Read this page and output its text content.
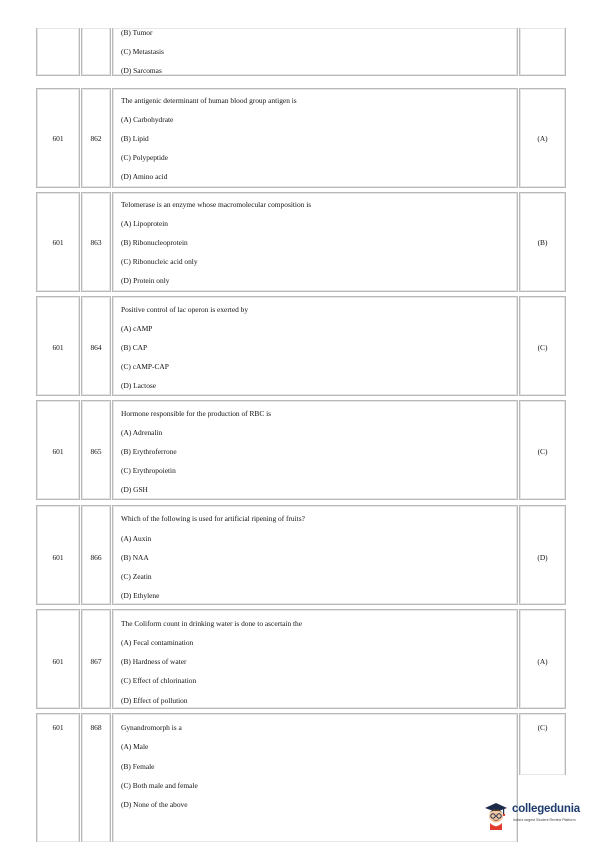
(B) Tumor
(C) Metastasis
(D) Sarcomas
601	862
The antigenic determinant of human blood group antigen is
(A) Carbohydrate
(B) Lipid
(C) Polypeptide
(D) Amino acid
(A)
601	863
Telomerase is an enzyme whose macromolecular composition is
(A) Lipoprotein
(B) Ribonucleoprotein
(C) Ribonucleic acid only
(D) Protein only
(B)
601	864
Positive control of lac operon is exerted by
(A) cAMP
(B) CAP
(C) cAMP-CAP
(D) Lactose
(C)
601	865
Hormone responsible for the production of RBC is
(A) Adrenalin
(B) Erythroferrone
(C) Erythropoietin
(D) GSH
(C)
601	866
Which of the following is used for artificial ripening of fruits?
(A) Auxin
(B) NAA
(C) Zeatin
(D) Ethylene
(D)
601	867
The Coliform count in drinking water is done to ascertain the
(A) Fecal contamination
(B) Hardness of water
(C) Effect of chlorination
(D) Effect of pollution
(A)
601	868	Gynandromorph is a
(A) Male
(B) Female
(C) Both male and female
(D) None of the above
(C)
collegedunia
India's largest Student Review Platform
